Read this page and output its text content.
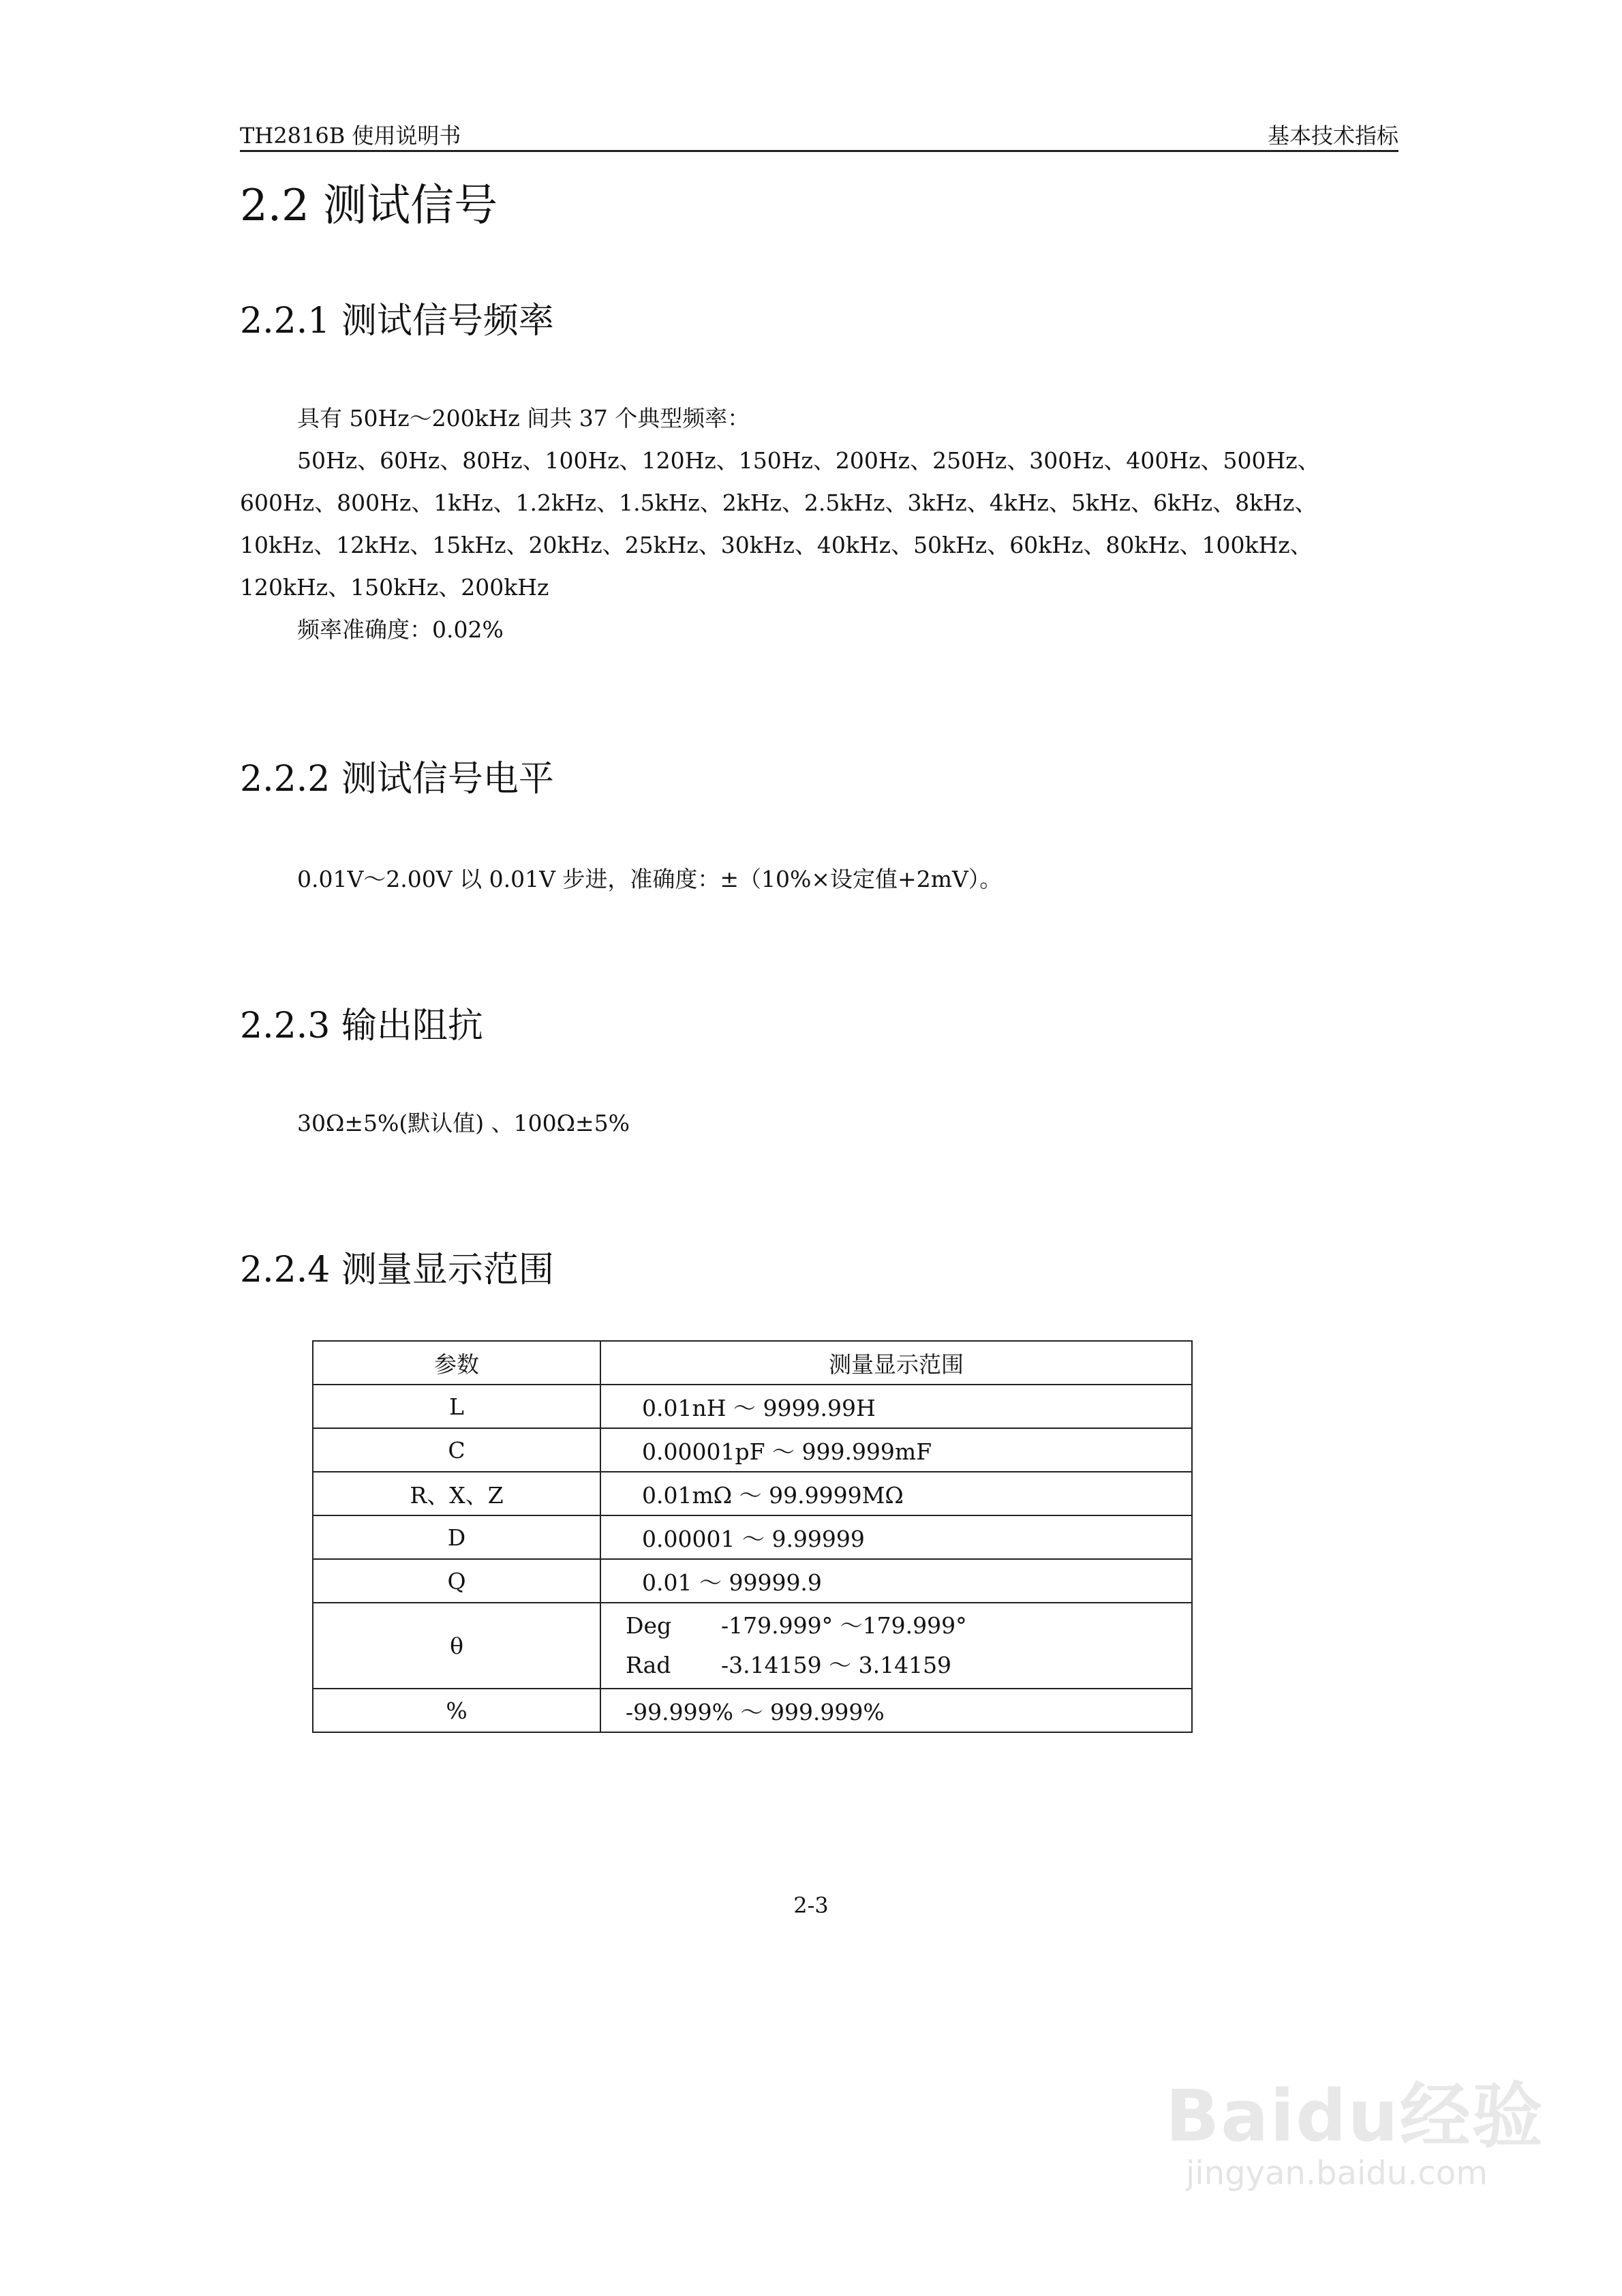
TH2816B 使用说明书	基本技术指标
2.2 测试信号
2.2.1 测试信号频率

具有 50Hz～200kHz 间共 37 个典型频率：

50Hz、60Hz、80Hz、100Hz、120Hz、150Hz、200Hz、250Hz、300Hz、400Hz、500Hz、

600Hz、800Hz、1kHz、1.2kHz、1.5kHz、2kHz、2.5kHz、3kHz、4kHz、5kHz、6kHz、8kHz、

10kHz、12kHz、15kHz、20kHz、25kHz、30kHz、40kHz、50kHz、60kHz、80kHz、100kHz、

120kHz、150kHz、200kHz

频率准确度：0.02%

2.2.2 测试信号电平

0.01V～2.00V 以 0.01V 步进，准确度：±（10%×设定值+2mV）。

2.2.3 输出阻抗

30Ω±5%(默认值) 、100Ω±5%

2.2.4 测量显示范围
参数	测量显示范围
L	0.01nH ～ 9999.99H
C	0.00001pF ～ 999.999mF
R、X、Z	0.01mΩ ～ 99.9999MΩ
D	0.00001 ～ 9.99999
Q	0.01 ～ 99999.9
θ	Deg -179.999° ～179.999°
Rad -3.14159 ～ 3.14159

%	-99.999% ～ 999.999%
2-3
Baidu经验
jingyan.baidu.com
